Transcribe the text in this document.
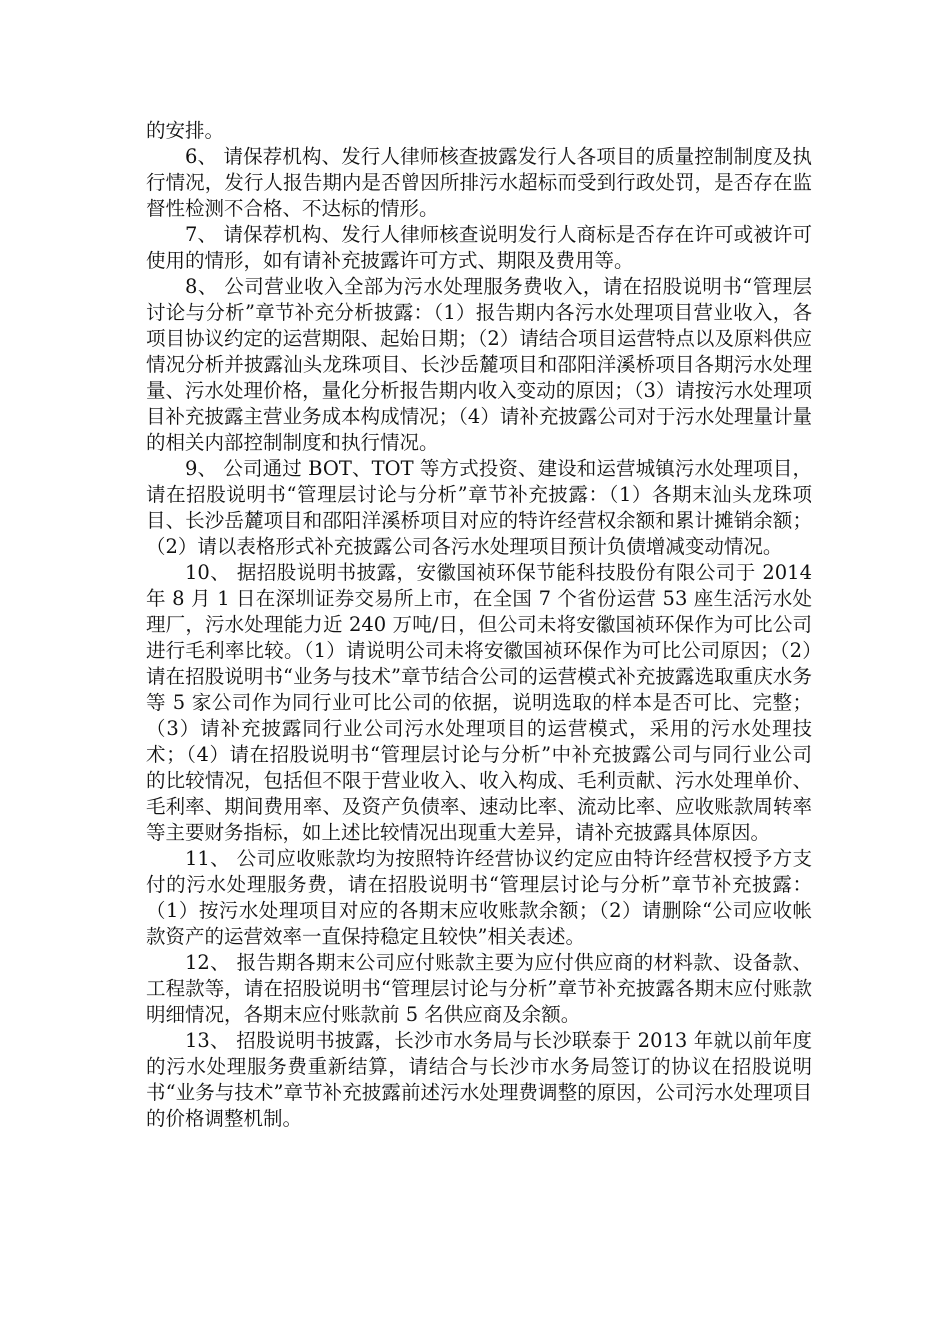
的安排。

6、 请保荐机构、发行人律师核查披露发行人各项目的质量控制制度及执行情况，发行人报告期内是否曾因所排污水超标而受到行政处罚，是否存在监督性检测不合格、不达标的情形。

7、 请保荐机构、发行人律师核查说明发行人商标是否存在许可或被许可使用的情形，如有请补充披露许可方式、期限及费用等。

8、 公司营业收入全部为污水处理服务费收入，请在招股说明书“管理层讨论与分析”章节补充分析披露：（1）报告期内各污水处理项目营业收入，各项目协议约定的运营期限、起始日期；（2）请结合项目运营特点以及原料供应情况分析并披露汕头龙珠项目、长沙岳麓项目和邵阳洋溪桥项目各期污水处理量、污水处理价格，量化分析报告期内收入变动的原因；（3）请按污水处理项目补充披露主营业务成本构成情况；（4）请补充披露公司对于污水处理量计量的相关内部控制制度和执行情况。

9、 公司通过 BOT、TOT 等方式投资、建设和运营城镇污水处理项目，请在招股说明书“管理层讨论与分析”章节补充披露：（1）各期末汕头龙珠项目、长沙岳麓项目和邵阳洋溪桥项目对应的特许经营权余额和累计摊销余额；（2）请以表格形式补充披露公司各污水处理项目预计负债增减变动情况。

10、 据招股说明书披露，安徽国祯环保节能科技股份有限公司于 2014 年 8 月 1 日在深圳证券交易所上市，在全国 7 个省份运营 53 座生活污水处理厂，污水处理能力近 240 万吨/日，但公司未将安徽国祯环保作为可比公司进行毛利率比较。（1）请说明公司未将安徽国祯环保作为可比公司原因；（2）请在招股说明书“业务与技术”章节结合公司的运营模式补充披露选取重庆水务等 5 家公司作为同行业可比公司的依据，说明选取的样本是否可比、完整；（3）请补充披露同行业公司污水处理项目的运营模式，采用的污水处理技术；（4）请在招股说明书“管理层讨论与分析”中补充披露公司与同行业公司的比较情况，包括但不限于营业收入、收入构成、毛利贡献、污水处理单价、毛利率、期间费用率、及资产负债率、速动比率、流动比率、应收账款周转率等主要财务指标，如上述比较情况出现重大差异，请补充披露具体原因。

11、 公司应收账款均为按照特许经营协议约定应由特许经营权授予方支付的污水处理服务费，请在招股说明书“管理层讨论与分析”章节补充披露：（1）按污水处理项目对应的各期末应收账款余额；（2）请删除“公司应收帐款资产的运营效率一直保持稳定且较快”相关表述。

12、 报告期各期末公司应付账款主要为应付供应商的材料款、设备款、工程款等，请在招股说明书“管理层讨论与分析”章节补充披露各期末应付账款明细情况，各期末应付账款前 5 名供应商及余额。

13、 招股说明书披露，长沙市水务局与长沙联泰于 2013 年就以前年度的污水处理服务费重新结算，请结合与长沙市水务局签订的协议在招股说明书“业务与技术”章节补充披露前述污水处理费调整的原因，公司污水处理项目的价格调整机制。
